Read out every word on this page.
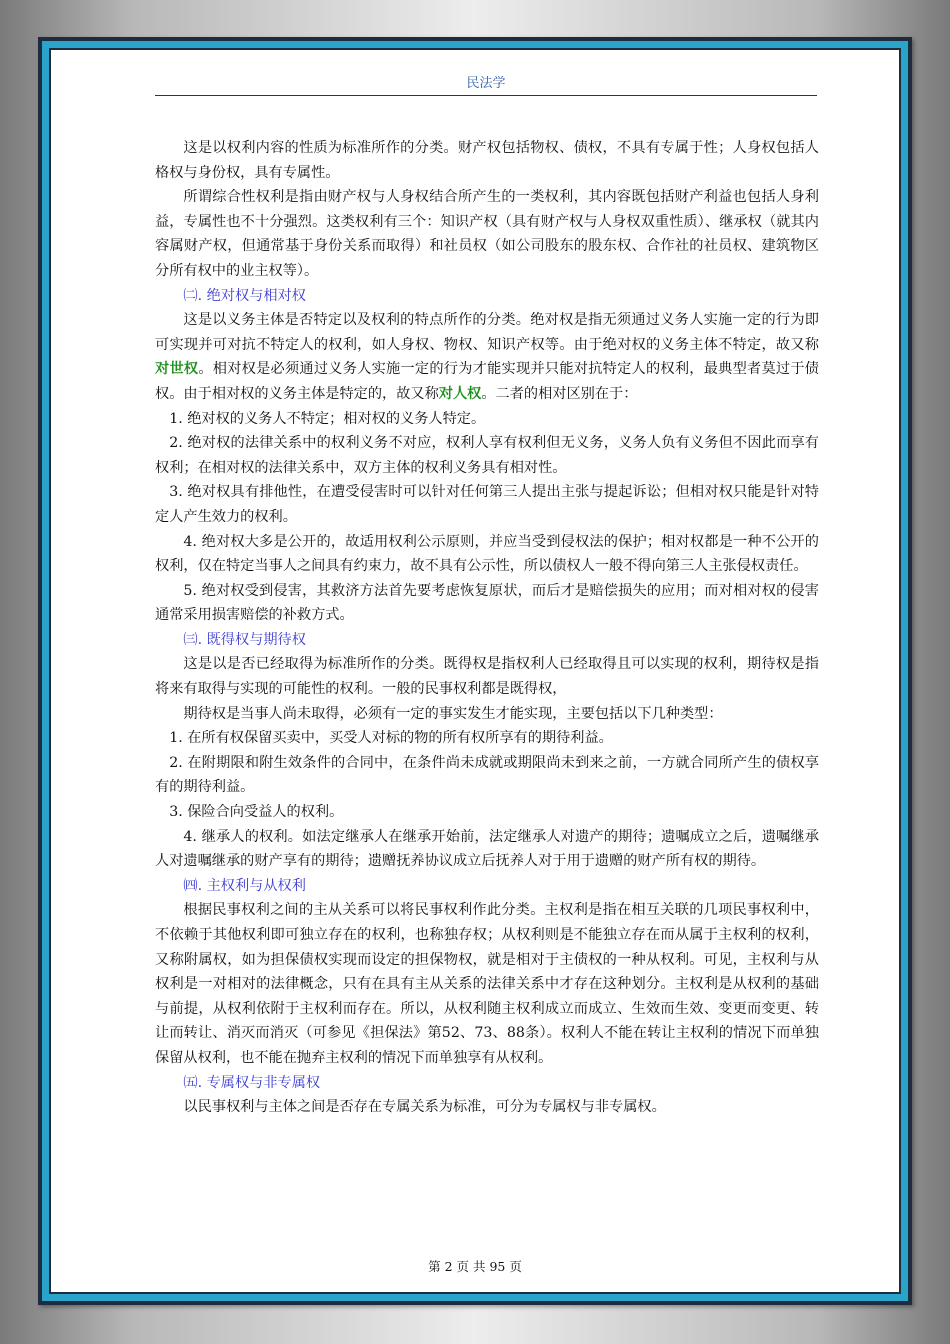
民法学

这是以权利内容的性质为标准所作的分类。财产权包括物权、债权，不具有专属于性；人身权包括人格权与身份权，具有专属性。

所谓综合性权利是指由财产权与人身权结合所产生的一类权利，其内容既包括财产利益也包括人身利益，专属性也不十分强烈。这类权利有三个：知识产权（具有财产权与人身权双重性质）、继承权（就其内容属财产权，但通常基于身份关系而取得）和社员权（如公司股东的股东权、合作社的社员权、建筑物区分所有权中的业主权等）。

㈡. 绝对权与相对权

这是以义务主体是否特定以及权利的特点所作的分类。绝对权是指无须通过义务人实施一定的行为即可实现并可对抗不特定人的权利，如人身权、物权、知识产权等。由于绝对权的义务主体不特定，故又称对世权。相对权是必须通过义务人实施一定的行为才能实现并只能对抗特定人的权利，最典型者莫过于债权。由于相对权的义务主体是特定的，故又称对人权。二者的相对区别在于：

1. 绝对权的义务人不特定；相对权的义务人特定。

2. 绝对权的法律关系中的权利义务不对应，权利人享有权利但无义务，义务人负有义务但不因此而享有权利；在相对权的法律关系中，双方主体的权利义务具有相对性。

3. 绝对权具有排他性，在遭受侵害时可以针对任何第三人提出主张与提起诉讼；但相对权只能是针对特定人产生效力的权利。

4. 绝对权大多是公开的，故适用权利公示原则，并应当受到侵权法的保护；相对权都是一种不公开的权利，仅在特定当事人之间具有约束力，故不具有公示性，所以债权人一般不得向第三人主张侵权责任。

5. 绝对权受到侵害，其救济方法首先要考虑恢复原状，而后才是赔偿损失的应用；而对相对权的侵害通常采用损害赔偿的补救方式。

㈢. 既得权与期待权

这是以是否已经取得为标准所作的分类。既得权是指权利人已经取得且可以实现的权利，期待权是指将来有取得与实现的可能性的权利。一般的民事权利都是既得权，

期待权是当事人尚未取得，必须有一定的事实发生才能实现，主要包括以下几种类型：

1. 在所有权保留买卖中，买受人对标的物的所有权所享有的期待利益。

2. 在附期限和附生效条件的合同中，在条件尚未成就或期限尚未到来之前，一方就合同所产生的债权享有的期待利益。

3. 保险合向受益人的权利。

4. 继承人的权利。如法定继承人在继承开始前，法定继承人对遗产的期待；遗嘱成立之后，遗嘱继承人对遗嘱继承的财产享有的期待；遗赠抚养协议成立后抚养人对于用于遗赠的财产所有权的期待。

㈣. 主权利与从权利

根据民事权利之间的主从关系可以将民事权利作此分类。主权利是指在相互关联的几项民事权利中，不依赖于其他权利即可独立存在的权利，也称独存权；从权利则是不能独立存在而从属于主权利的权利，又称附属权，如为担保债权实现而设定的担保物权，就是相对于主债权的一种从权利。可见，主权利与从权利是一对相对的法律概念，只有在具有主从关系的法律关系中才存在这种划分。主权利是从权利的基础与前提，从权利依附于主权利而存在。所以，从权利随主权利成立而成立、生效而生效、变更而变更、转让而转让、消灭而消灭（可参见《担保法》第52、73、88条）。权利人不能在转让主权利的情况下而单独保留从权利，也不能在抛弃主权利的情况下而单独享有从权利。

㈤. 专属权与非专属权

以民事权利与主体之间是否存在专属关系为标准，可分为专属权与非专属权。

第 2 页 共 95 页
